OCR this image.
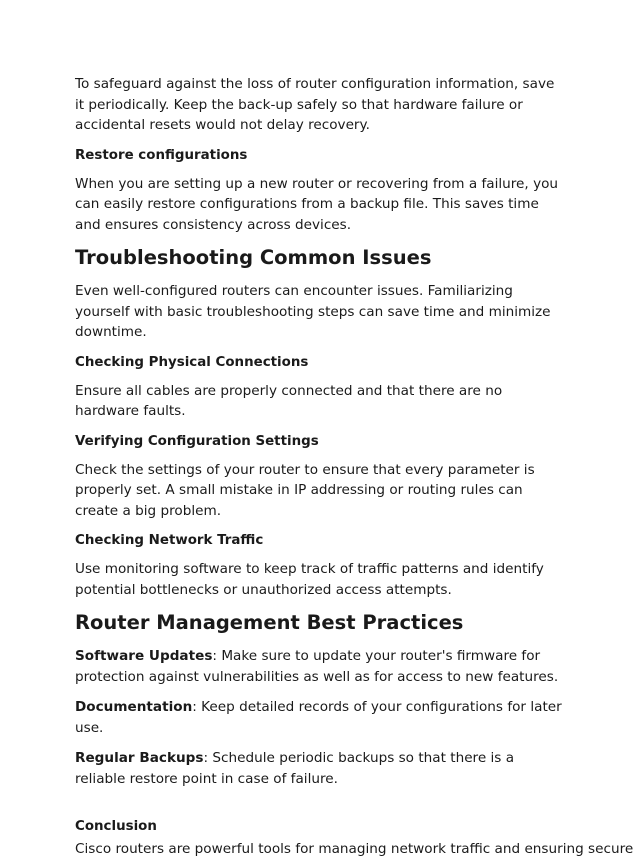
To safeguard against the loss of router configuration information, save it periodically. Keep the back-up safely so that hardware failure or accidental resets would not delay recovery.

Restore configurations

When you are setting up a new router or recovering from a failure, you can easily restore configurations from a backup file. This saves time and ensures consistency across devices.

Troubleshooting Common Issues

Even well-configured routers can encounter issues. Familiarizing yourself with basic troubleshooting steps can save time and minimize downtime.

Checking Physical Connections

Ensure all cables are properly connected and that there are no hardware faults.

Verifying Configuration Settings

Check the settings of your router to ensure that every parameter is properly set. A small mistake in IP addressing or routing rules can create a big problem.

Checking Network Traffic

Use monitoring software to keep track of traffic patterns and identify potential bottlenecks or unauthorized access attempts.

Router Management Best Practices

Software Updates: Make sure to update your router's firmware for protection against vulnerabilities as well as for access to new features.

Documentation: Keep detailed records of your configurations for later use.

Regular Backups: Schedule periodic backups so that there is a reliable restore point in case of failure.

Conclusion

Cisco routers are powerful tools for managing network traffic and ensuring secure
